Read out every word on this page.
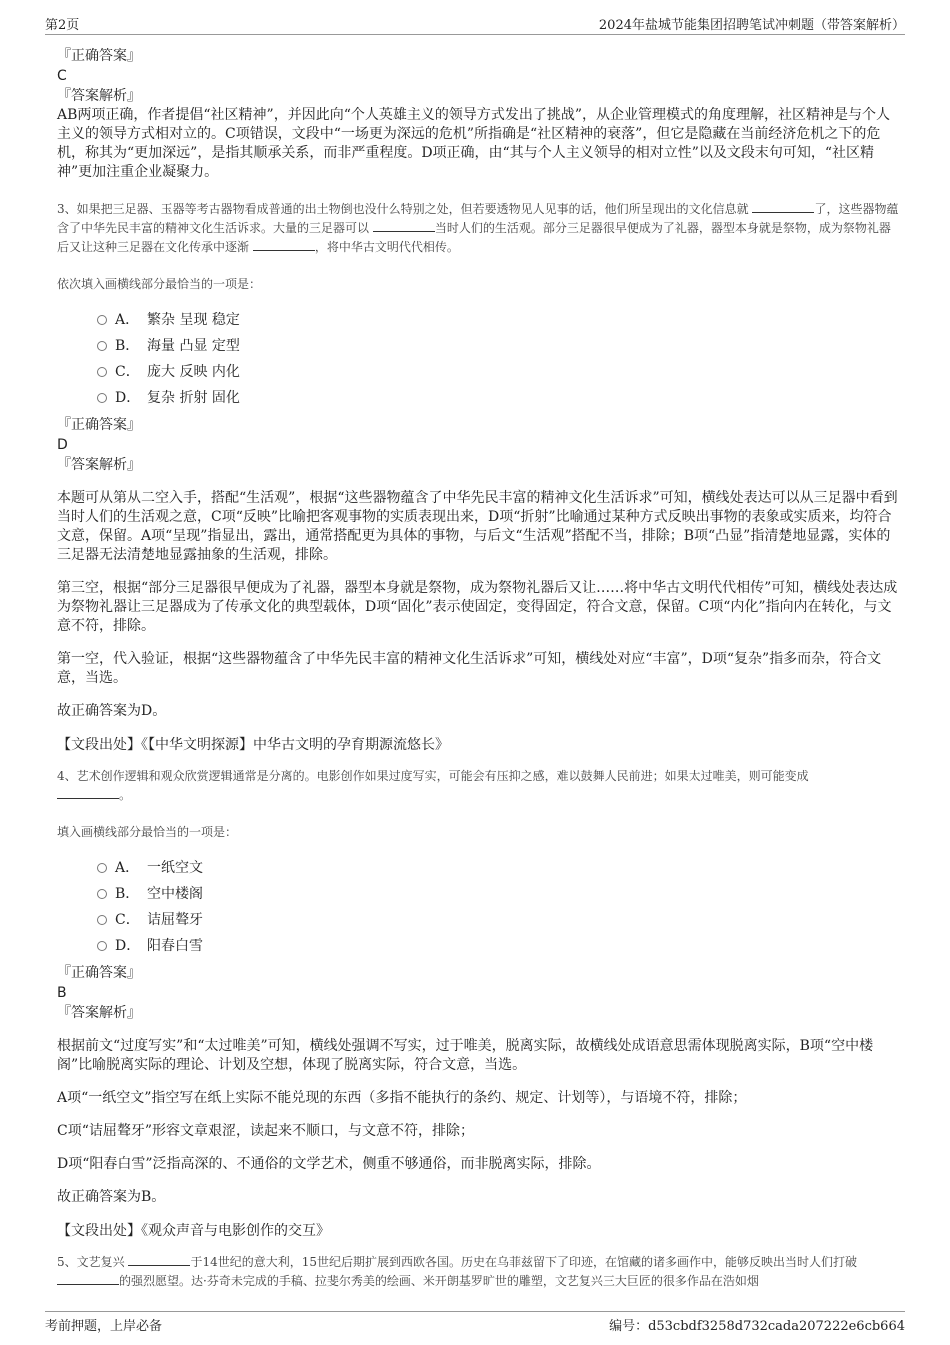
第2页	2024年盐城节能集团招聘笔试冲刺题（带答案解析）
『正确答案』
C
『答案解析』

AB两项正确，作者提倡“社区精神”，并因此向“个人英雄主义的领导方式发出了挑战”，从企业管理模式的角度理解，社区精神是与个人主义的领导方式相对立的。C项错误，文段中“一场更为深远的危机”所指确是“社区精神的衰落”，但它是隐藏在当前经济危机之下的危机，称其为“更加深远”，是指其顺承关系，而非严重程度。D项正确，由“其与个人主义领导的相对立性”以及文段末句可知，“社区精神”更加注重企业凝聚力。

3、如果把三足器、玉器等考古器物看成普通的出土物倒也没什么特别之处，但若要透物见人见事的话，他们所呈现出的文化信息就	了，这些器物蕴含了中华先民丰富的精神文化生活诉求。大量的三足器可以	当时人们的生活观。部分三足器很早便成为了礼器，器型本身就是祭物，成为祭物礼器后又让这种三足器在文化传承中逐渐	，将中华古文明代代相传。

依次填入画横线部分最恰当的一项是：
A． 繁杂 呈现 稳定
B． 海量 凸显 定型
C． 庞大 反映 内化
D． 复杂 折射 固化
『正确答案』
D
『答案解析』

本题可从第从二空入手，搭配“生活观”，根据“这些器物蕴含了中华先民丰富的精神文化生活诉求”可知，横线处表达可以从三足器中看到当时人们的生活观之意，C项“反映”比喻把客观事物的实质表现出来，D项“折射”比喻通过某种方式反映出事物的表象或实质来，均符合文意，保留。A项“呈现”指显出，露出，通常搭配更为具体的事物，与后文“生活观”搭配不当，排除；B项“凸显”指清楚地显露，实体的三足器无法清楚地显露抽象的生活观，排除。

第三空，根据“部分三足器很早便成为了礼器，器型本身就是祭物，成为祭物礼器后又让……将中华古文明代代相传”可知，横线处表达成为祭物礼器让三足器成为了传承文化的典型载体，D项“固化”表示使固定，变得固定，符合文意，保留。C项“内化”指向内在转化，与文意不符，排除。

第一空，代入验证，根据“这些器物蕴含了中华先民丰富的精神文化生活诉求”可知，横线处对应“丰富”，D项“复杂”指多而杂，符合文意，当选。

故正确答案为D。

【文段出处】《【中华文明探源】中华古文明的孕育期源流悠长》

4、艺术创作逻辑和观众欣赏逻辑通常是分离的。电影创作如果过度写实，可能会有压抑之感，难以鼓舞人民前进；如果太过唯美，则可能变成
。

填入画横线部分最恰当的一项是：
A． 一纸空文
B． 空中楼阁
C． 诘屈聱牙
D． 阳春白雪
『正确答案』
B
『答案解析』

根据前文“过度写实”和“太过唯美”可知，横线处强调不写实，过于唯美，脱离实际，故横线处成语意思需体现脱离实际，B项“空中楼阁”比喻脱离实际的理论、计划及空想，体现了脱离实际，符合文意，当选。

A项“一纸空文”指空写在纸上实际不能兑现的东西（多指不能执行的条约、规定、计划等），与语境不符，排除；

C项“诘屈聱牙”形容文章艰涩，读起来不顺口，与文意不符，排除；

D项“阳春白雪”泛指高深的、不通俗的文学艺术，侧重不够通俗，而非脱离实际，排除。

故正确答案为B。

【文段出处】《观众声音与电影创作的交互》

5、文艺复兴	于14世纪的意大利，15世纪后期扩展到西欧各国。历史在乌菲兹留下了印迹，在馆藏的诸多画作中，能够反映出当时人们打破 的强烈愿望。达·芬奇未完成的手稿、拉斐尔秀美的绘画、米开朗基罗旷世的雕塑，文艺复兴三大巨匠的很多作品在浩如烟

考前押题，上岸必备	编号：d53cbdf3258d732cada207222e6cb664
